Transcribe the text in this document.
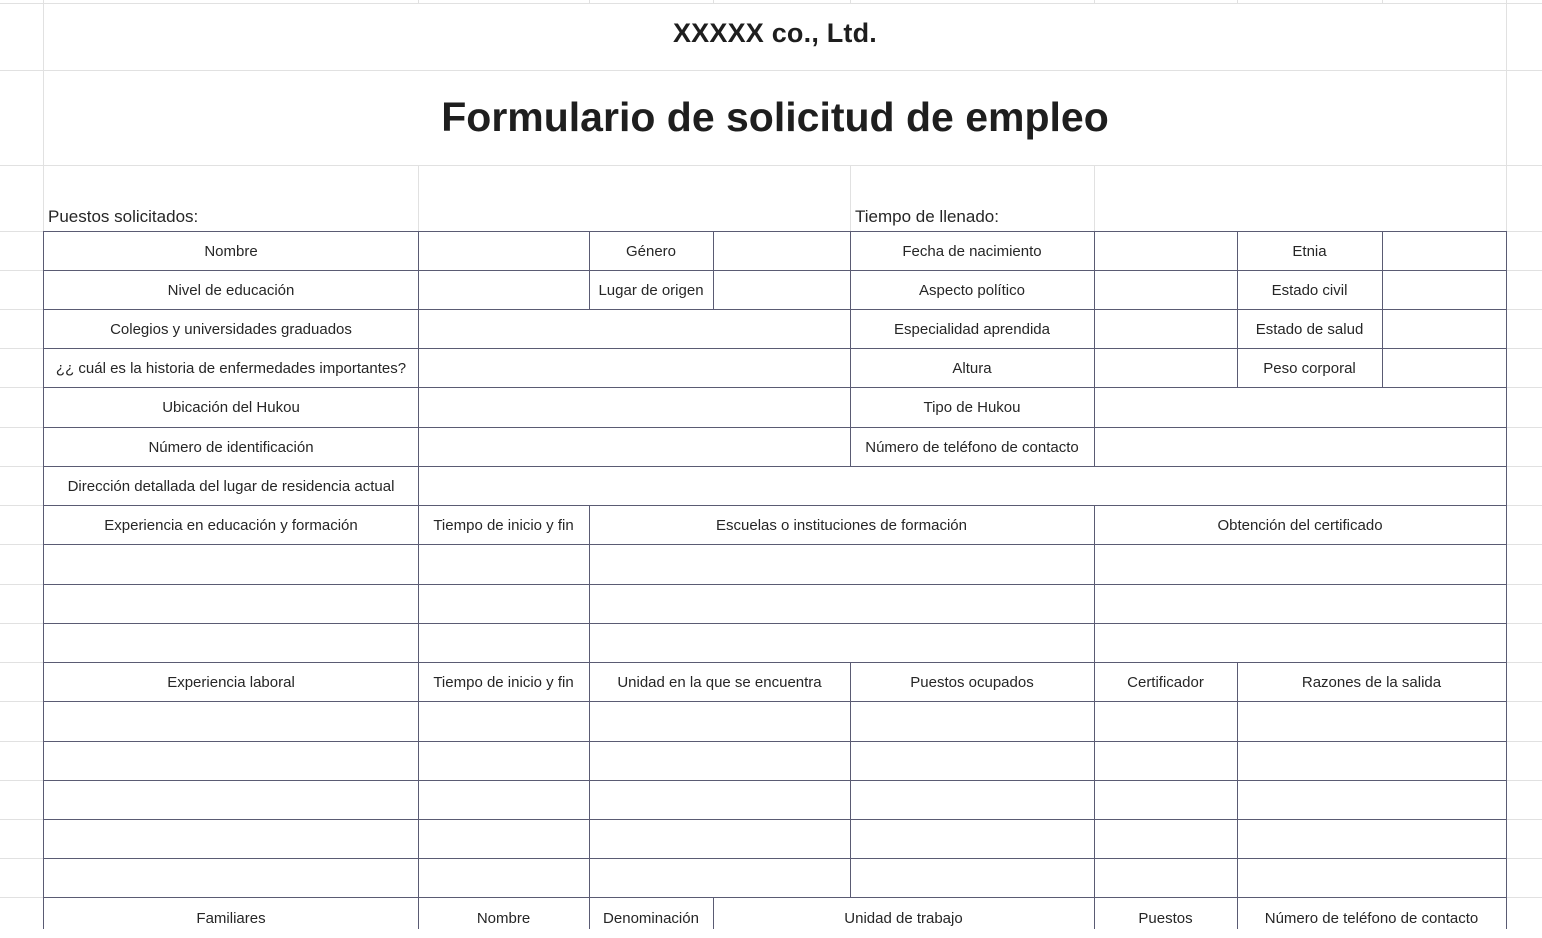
XXXXX co., Ltd.
Formulario de solicitud de empleo
Puestos solicitados:	Tiempo de llenado:
Nombre	Género	Fecha de nacimiento	Etnia
Nivel de educación	Lugar de origen	Aspecto político	Estado civil
Colegios y universidades graduados	Especialidad aprendida	Estado de salud
¿¿ cuál es la historia de enfermedades importantes?	Altura	Peso corporal
Ubicación del Hukou	Tipo de Hukou
Número de identificación	Número de teléfono de contacto
Dirección detallada del lugar de residencia actual
Experiencia en educación y formación	Tiempo de inicio y fin	Escuelas o instituciones de formación	Obtención del certificado
Experiencia laboral	Tiempo de inicio y fin	Unidad en la que se encuentra	Puestos ocupados	Certificador	Razones de la salida
Familiares	Nombre	Denominación	Unidad de trabajo	Puestos	Número de teléfono de contacto
